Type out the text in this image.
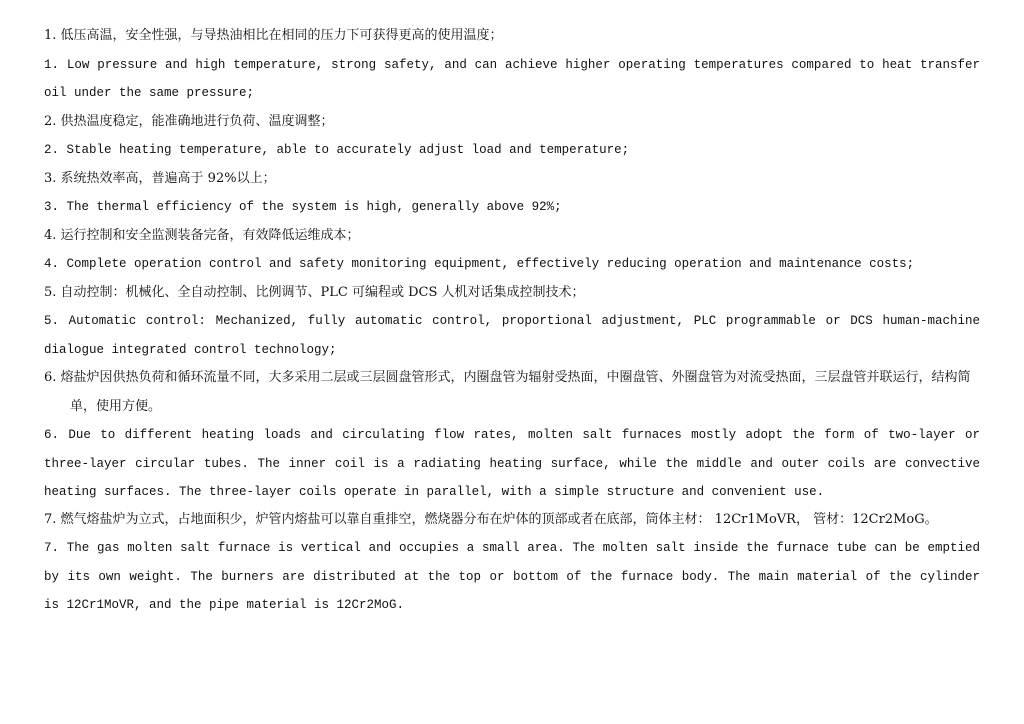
1. 低压高温，安全性强，与导热油相比在相同的压力下可获得更高的使用温度；
1. Low pressure and high temperature, strong safety, and can achieve higher operating temperatures compared to heat transfer oil under the same pressure;
2. 供热温度稳定，能准确地进行负荷、温度调整；
2. Stable heating temperature, able to accurately adjust load and temperature;
3. 系统热效率高，普遍高于 92%以上；
3. The thermal efficiency of the system is high, generally above 92%;
4. 运行控制和安全监测装备完备，有效降低运维成本；
4. Complete operation control and safety monitoring equipment, effectively reducing operation and maintenance costs;
5. 自动控制：机械化、全自动控制、比例调节、PLC 可编程或 DCS 人机对话集成控制技术；
5. Automatic control: Mechanized, fully automatic control, proportional adjustment, PLC programmable or DCS human-machine dialogue integrated control technology;
6. 熔盐炉因供热负荷和循环流量不同，大多采用二层或三层圆盘管形式，内圈盘管为辐射受热面，中圈盘管、外圈盘管为对流受热面，三层盘管并联运行，结构简单，使用方便。
6. Due to different heating loads and circulating flow rates, molten salt furnaces mostly adopt the form of two-layer or three-layer circular tubes. The inner coil is a radiating heating surface, while the middle and outer coils are convective heating surfaces. The three-layer coils operate in parallel, with a simple structure and convenient use.
7. 燃气熔盐炉为立式，占地面积少，炉管内熔盐可以靠自重排空，燃烧器分布在炉体的顶部或者在底部，筒体主材： 12Cr1MoVR， 管材：12Cr2MoG。
7. The gas molten salt furnace is vertical and occupies a small area. The molten salt inside the furnace tube can be emptied by its own weight. The burners are distributed at the top or bottom of the furnace body. The main material of the cylinder is 12Cr1MoVR, and the pipe material is 12Cr2MoG.
